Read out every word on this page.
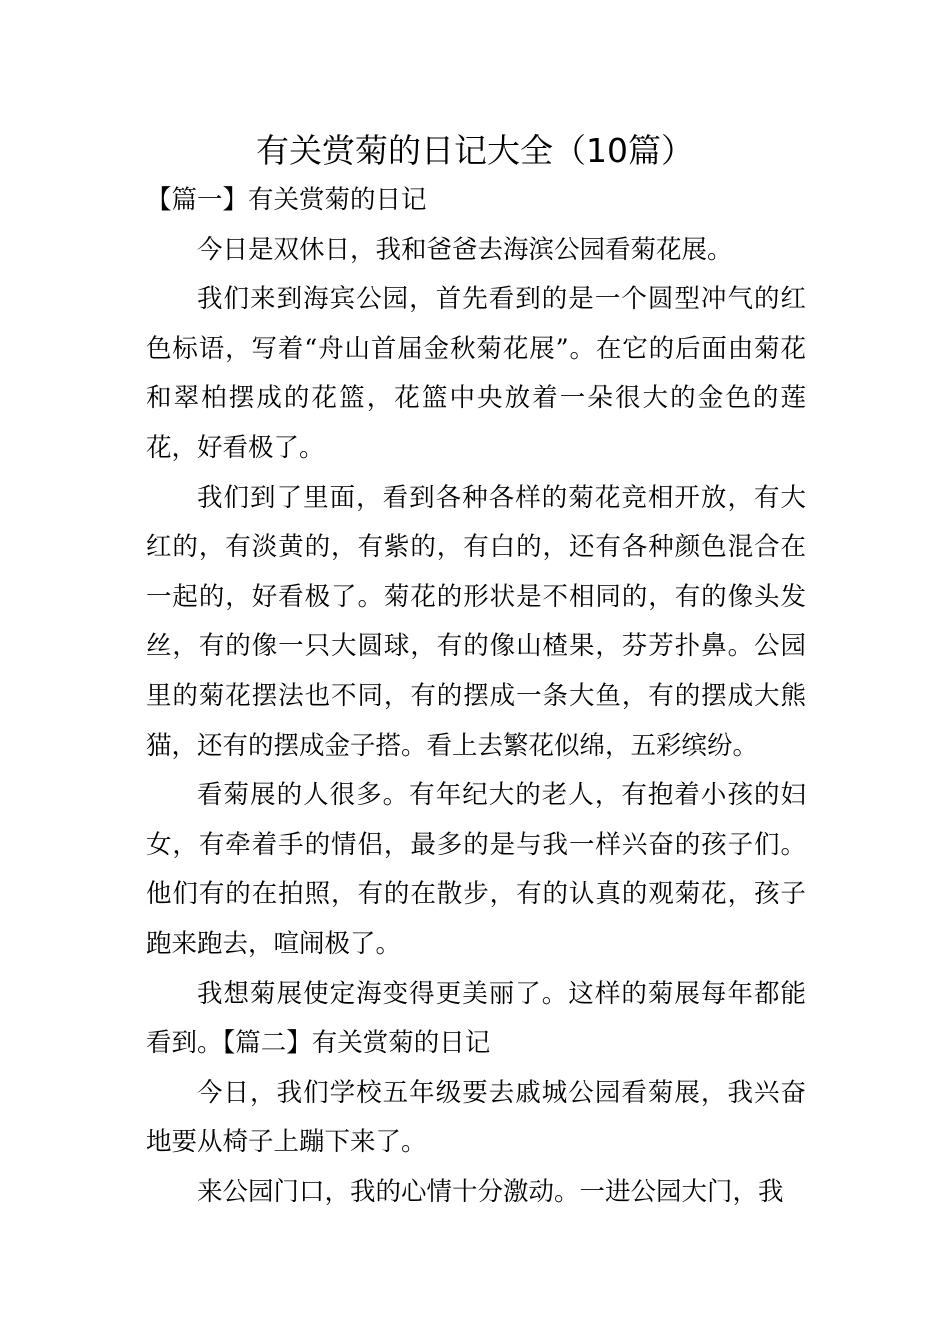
有关赏菊的日记大全（10篇）

【篇一】有关赏菊的日记

今日是双休日，我和爸爸去海滨公园看菊花展。

我们来到海宾公园，首先看到的是一个圆型冲气的红色标语，写着“舟山首届金秋菊花展”。在它的后面由菊花和翠柏摆成的花篮，花篮中央放着一朵很大的金色的莲花，好看极了。

我们到了里面，看到各种各样的菊花竞相开放，有大红的，有淡黄的，有紫的，有白的，还有各种颜色混合在一起的，好看极了。菊花的形状是不相同的，有的像头发丝，有的像一只大圆球，有的像山楂果，芬芳扑鼻。公园里的菊花摆法也不同，有的摆成一条大鱼，有的摆成大熊猫，还有的摆成金子搭。看上去繁花似绵，五彩缤纷。

看菊展的人很多。有年纪大的老人，有抱着小孩的妇女，有牵着手的情侣，最多的是与我一样兴奋的孩子们。他们有的在拍照，有的在散步，有的认真的观菊花，孩子跑来跑去，喧闹极了。

我想菊展使定海变得更美丽了。这样的菊展每年都能看到。【篇二】有关赏菊的日记

今日，我们学校五年级要去戚城公园看菊展，我兴奋地要从椅子上蹦下来了。

来公园门口，我的心情十分激动。一进公园大门，我
